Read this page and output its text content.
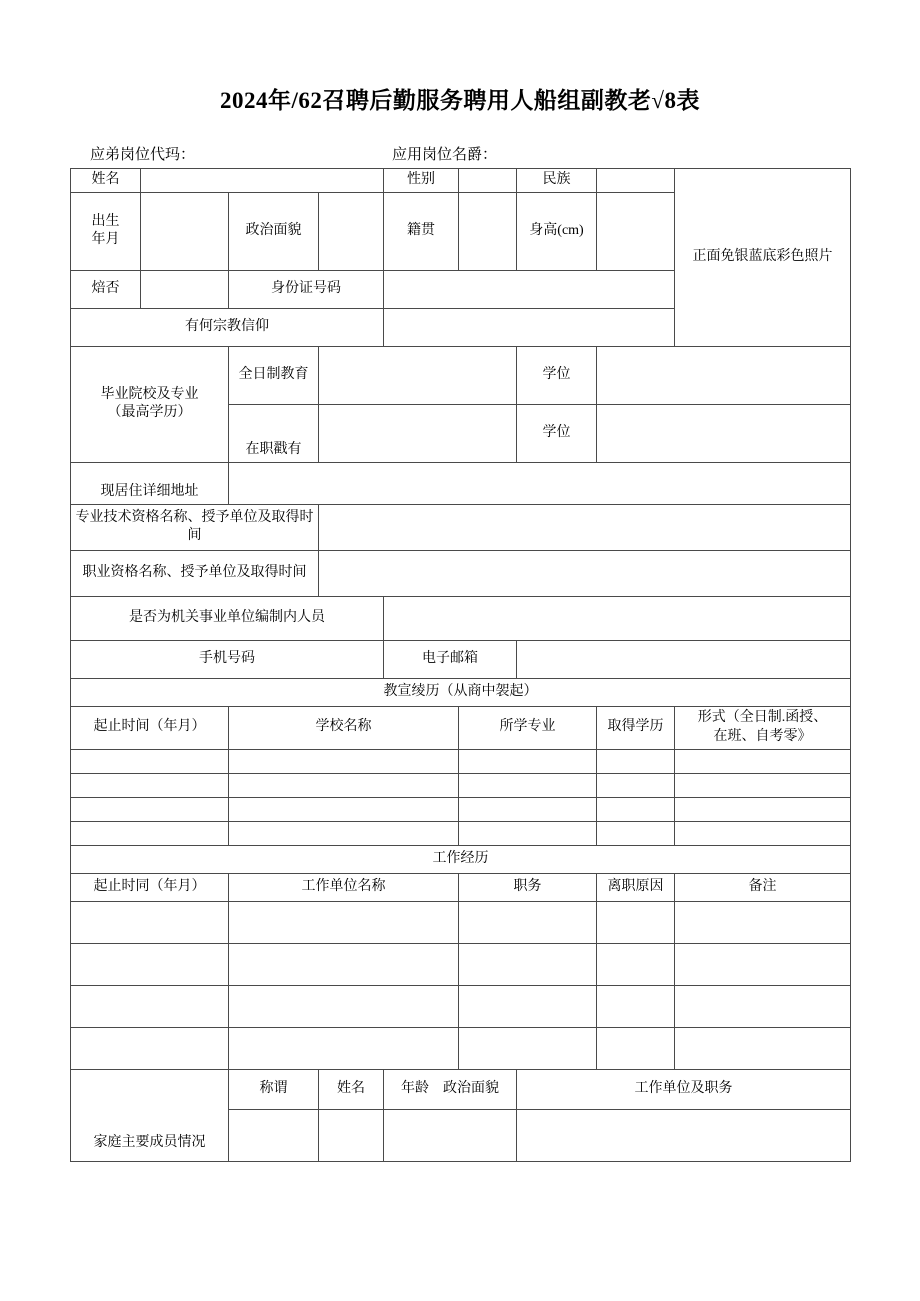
2024年/62召聘后勤服务聘用人船组副教老√8表
应弟岗位代玛：	应用岗位名爵：
姓名				性别		民族		正面免银蓝底彩色照片

出生
年月		政治面貌		籍贯		身高(cm)		
焙否		身份证号码						
有何宗教信仰								

毕业院校及专业
（最高学历）		全日制教育				学位		
		在职戳有				学位		
现居住详细地址								
专业技术资格名称、授予单位及取得时间								
职业资格名称、授予单位及取得时间								
是否为机关事业单位编制内人员								
手机号码				电子邮箱				
教宣绫历（从商中袈起）								
起止时间（年月）		学校名称			所学专业		取得学历	形式（全日制.函授、
在班、自考零》

工作经历								
起止时同（年月）		工作单位名称			职务		离职原因	备注

家庭主要成员情况		称谓	姓名	年龄 政治面貌		工作单位及职务		
